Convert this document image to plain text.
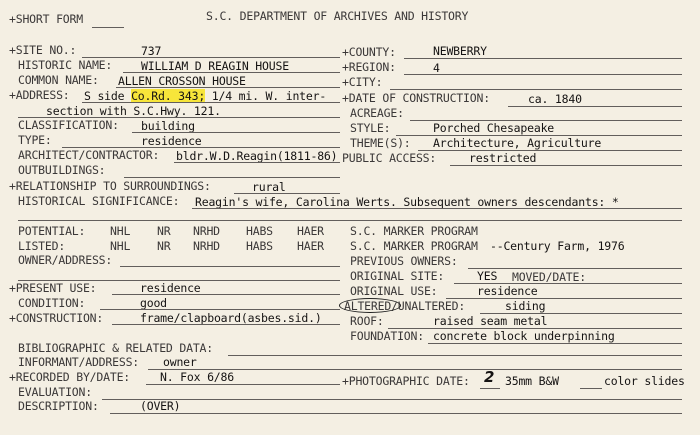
+SHORT FORM	S.C. DEPARTMENT OF ARCHIVES AND HISTORY
+SITE NO.:	737
HISTORIC NAME:	WILLIAM D REAGIN HOUSE
COMMON NAME: ALLEN CROSSON HOUSE
+ADDRESS: S side Co.Rd. 343; 1/4 mi. W. inter-
section with S.C.Hwy. 121.
CLASSIFICATION: building
TYPE:	residence
ARCHITECT/CONTRACTOR: bldr.W.D.Reagin(1811-86)
OUTBUILDINGS:
+RELATIONSHIP TO SURROUNDINGS:	rural
HISTORICAL SIGNIFICANCE: Reagin's wife, Carolina Werts. Subsequent owners descendants: *
+COUNTY:	NEWBERRY
+REGION:	4
+CITY:
+DATE OF CONSTRUCTION:	ca. 1840
ACREAGE:
STYLE:	Porched Chesapeake
THEME(S): Architecture, Agriculture
PUBLIC ACCESS:	restricted
POTENTIAL: NHL NR NRHD HABS HAER
LISTED:	NHL NR NRHD HABS HAER
OWNER/ADDRESS:
S.C. MARKER PROGRAM
S.C. MARKER PROGRAM --Century Farm, 1976
PREVIOUS OWNERS:
ORIGINAL SITE:	YES MOVED/DATE:
ORIGINAL USE:	residence
+PRESENT USE:	residence
CONDITION:	good
+CONSTRUCTION:	frame/clapboard(asbes.sid.)
ALTERED/UNALTERED:	siding
ROOF:	raised seam metal
FOUNDATION: concrete block underpinning
BIBLIOGRAPHIC & RELATED DATA:
INFORMANT/ADDRESS: owner
+RECORDED BY/DATE:	N. Fox 6/86	+PHOTOGRAPHIC DATE: 2 35mm B&W	color slides
EVALUATION:
DESCRIPTION:	(OVER)
